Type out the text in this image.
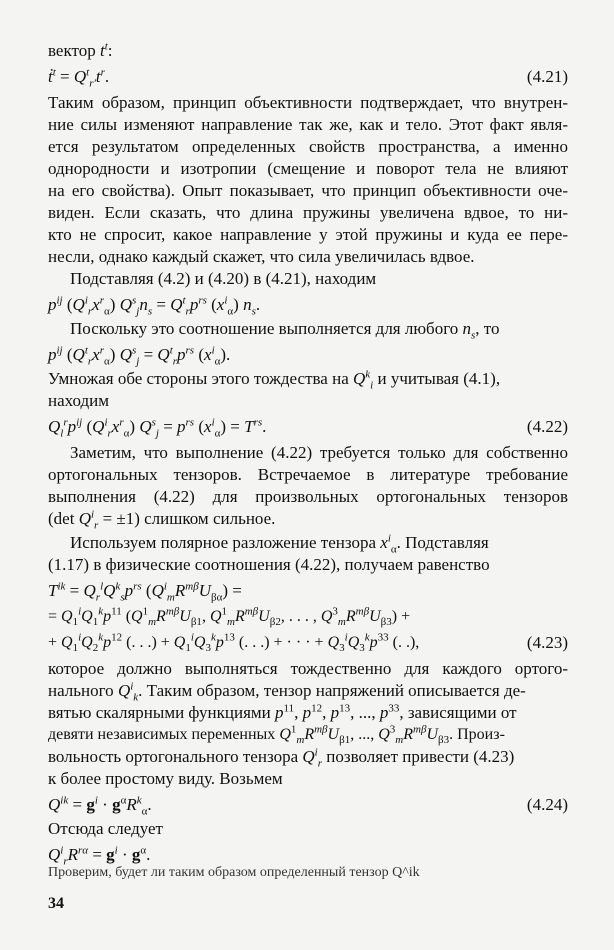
вектор $t^t$:
ṫ$^t$ = $Q^t_{r'}t^r$.	(4.21)
Таким образом, принцип объективности подтверждает, что внутрен-
ние силы изменяют направление так же, как и тело. Этот факт явля-
ется результатом определенных свойств пространства, а именно
однородности и изотропии (смещение и поворот тела не влияют
на его свойства). Опыт показывает, что принцип объективности оче-
виден. Если сказать, что длина пружины увеличена вдвое, то ни-
кто не спросит, какое направление у этой пружины и куда ее пере-
несли, однако каждый скажет, что сила увеличилась вдвое.
Подставляя (4.2) и (4.20) в (4.21), находим
$p^{ij}$ $(Q^i_rx^r_\alpha) Q^s_jn_s = Q^t_rp^{rs}$ $(x^i_\alpha)$ $n_s$.
Поскольку это соотношение выполняется для любого $n_s$, то
$p^{ij}$ $(Q^t_rx^r_\alpha) Q^s_j = Q^t_rp^{rs}$ $(x^i_\alpha)$.
Умножая обе стороны этого тождества на $Q^k_i$ и учитывая (4.1),
находим
$Q_l^rp^{ij}$ $(Q^i_rx^r_\alpha) Q^s_j = p^{rs}$ $(x^i_\alpha) = T^{rs}$.	(4.22)
Заметим, что выполнение (4.22) требуется только для собственно
ортогональных тензоров. Встречаемое в литературе требование
выполнения (4.22) для произвольных ортогональных тензоров
(det $Q^i_r = \pm 1$) слишком сильное.
Используем полярное разложение тензора $x^i_\alpha$. Подставляя
(1.17) в физические соотношения (4.22), получаем равенство
$T^{ik} = Q_r^lQ^k_sp^{rs}$ $(Q^i_mR^{m\beta}U_{\beta\alpha})$ =
= $Q_1^iQ_1^kp^{11}$ ($Q^1_mR^{m\beta}U_{\beta 1}$, $Q^1_mR^{m\beta}U_{\beta 2}$, . . . , $Q^3_mR^{m\beta}U_{\beta 3}$) +
+ $Q_1^iQ_2^kp^{12}$ (. . .) + $Q_1^iQ_3^kp^{13}$ (. . .) + · · · + $Q_3^iQ_3^kp^{33}$ (. .),	(4.23)
которое должно выполняться тождественно для каждого ортого-
нального $Q^i_k$. Таким образом, тензор напряжений описывается де-
вятью скалярными функциями $p^{11}$, $p^{12}$, $p^{13}$, ..., $p^{33}$, зависящими от
девяти независимых переменных $Q^1_mR^{m\beta}U_{\beta 1}$, ..., $Q^3_mR^{m\beta}U_{\beta 3}$. Произ-
вольность ортогонального тензора $Q^i_r$ позволяет привести (4.23)
к более простому виду. Возьмем
$Q^{ik} = g^i \cdot g^\alpha R^k_\alpha$.	(4.24)
Отсюда следует
$Q^i_rR^{r\alpha} = g^i \cdot g^\alpha$.
34
Проверим, будет ли таким образом определенный тензор Q^ik
